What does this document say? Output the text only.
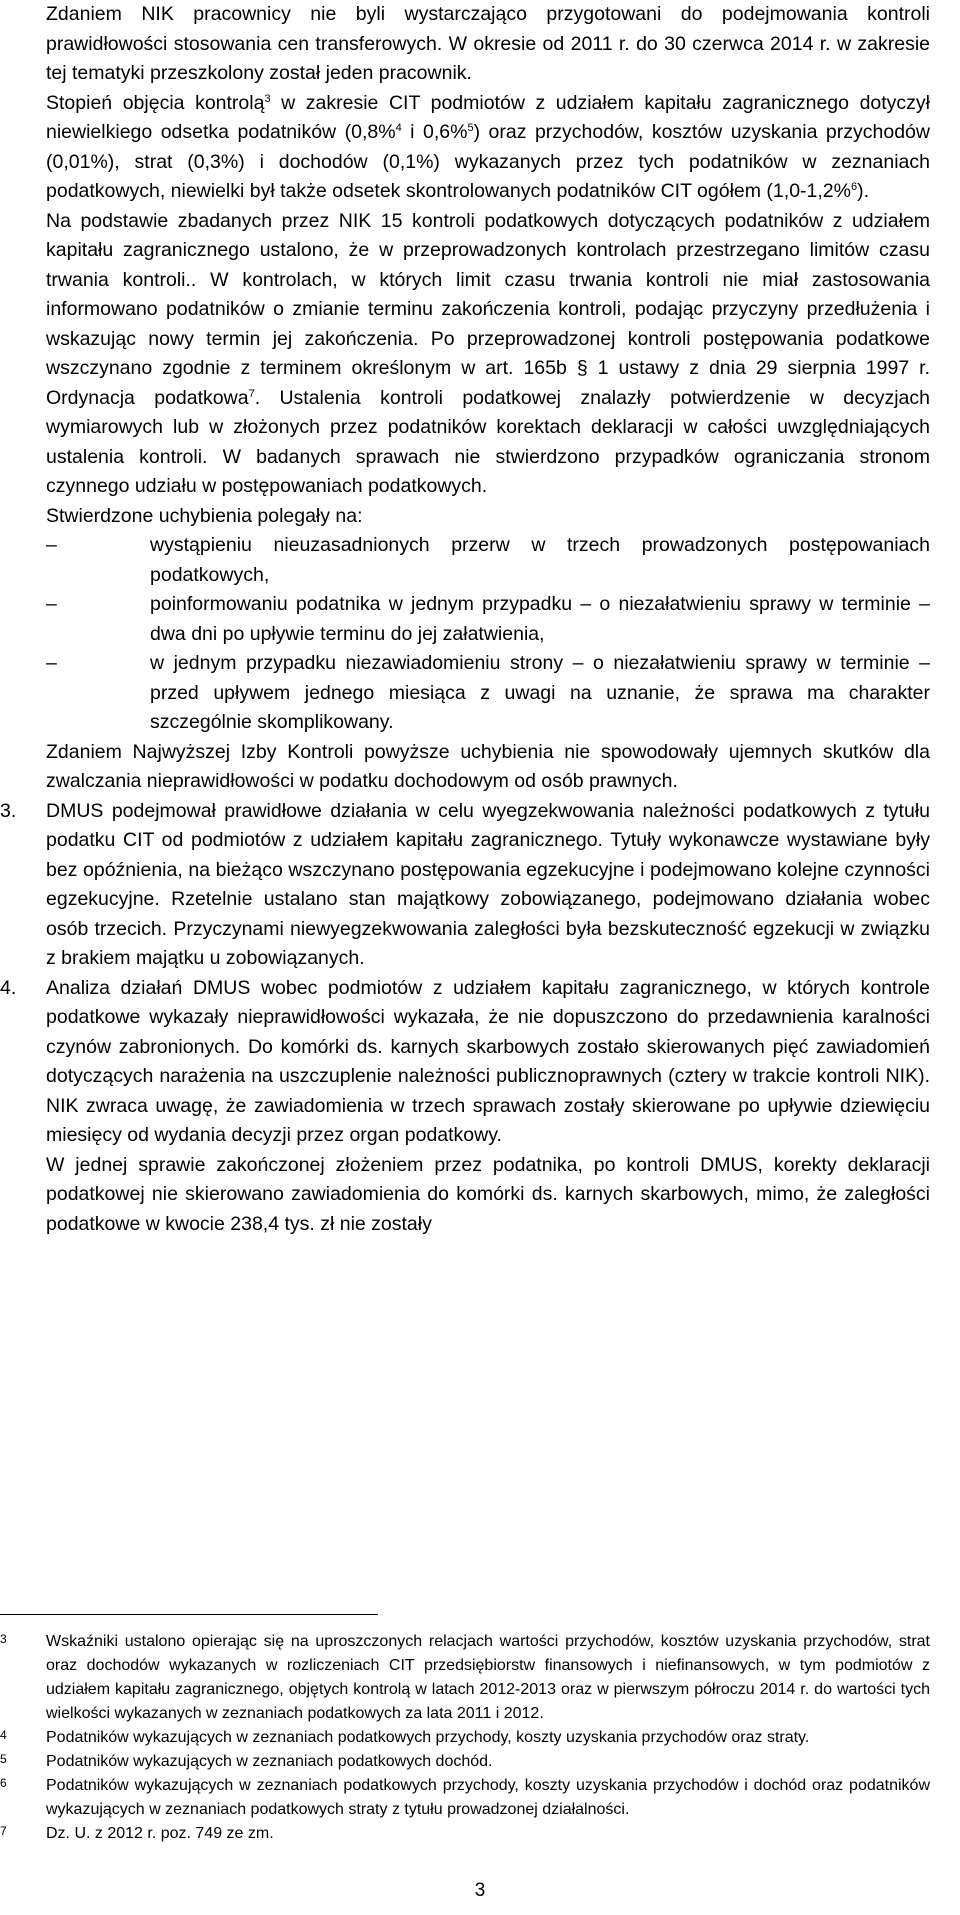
Zdaniem NIK pracownicy nie byli wystarczająco przygotowani do podejmowania kontroli prawidłowości stosowania cen transferowych. W okresie od 2011 r. do 30 czerwca 2014 r. w zakresie tej tematyki przeszkolony został jeden pracownik.

Stopień objęcia kontrolą$^3$ w zakresie CIT podmiotów z udziałem kapitału zagranicznego dotyczył niewielkiego odsetka podatników (0,8%$^4$ i 0,6%$^5$) oraz przychodów, kosztów uzyskania przychodów (0,01%), strat (0,3%) i dochodów (0,1%) wykazanych przez tych podatników w zeznaniach podatkowych, niewielki był także odsetek skontrolowanych podatników CIT ogółem (1,0-1,2%$^6$).

Na podstawie zbadanych przez NIK 15 kontroli podatkowych dotyczących podatników z udziałem kapitału zagranicznego ustalono, że w przeprowadzonych kontrolach przestrzegano limitów czasu trwania kontroli.. W kontrolach, w których limit czasu trwania kontroli nie miał zastosowania informowano podatników o zmianie terminu zakończenia kontroli, podając przyczyny przedłużenia i wskazując nowy termin jej zakończenia. Po przeprowadzonej kontroli postępowania podatkowe wszczynano zgodnie z terminem określonym w art. 165b § 1 ustawy z dnia 29 sierpnia 1997 r. Ordynacja podatkowa$^7$. Ustalenia kontroli podatkowej znalazły potwierdzenie w decyzjach wymiarowych lub w złożonych przez podatników korektach deklaracji w całości uwzględniających ustalenia kontroli. W badanych sprawach nie stwierdzono przypadków ograniczania stronom czynnego udziału w postępowaniach podatkowych.

Stwierdzone uchybienia polegały na:

–	wystąpieniu nieuzasadnionych przerw w trzech prowadzonych postępowaniach podatkowych,
–	poinformowaniu podatnika w jednym przypadku – o niezałatwieniu sprawy w terminie – dwa dni po upływie terminu do jej załatwienia,
–	w jednym przypadku niezawiadomieniu strony – o niezałatwieniu sprawy w terminie – przed upływem jednego miesiąca z uwagi na uznanie, że sprawa ma charakter szczególnie skomplikowany.

Zdaniem Najwyższej Izby Kontroli powyższe uchybienia nie spowodowały ujemnych skutków dla zwalczania nieprawidłowości w podatku dochodowym od osób prawnych.

3.	DMUS podejmował prawidłowe działania w celu wyegzekwowania należności podatkowych z tytułu podatku CIT od podmiotów z udziałem kapitału zagranicznego. Tytuły wykonawcze wystawiane były bez opóźnienia, na bieżąco wszczynano postępowania egzekucyjne i podejmowano kolejne czynności egzekucyjne. Rzetelnie ustalano stan majątkowy zobowiązanego, podejmowano działania wobec osób trzecich. Przyczynami niewyegzekwowania zaległości była bezskuteczność egzekucji w związku z brakiem majątku u zobowiązanych.
4.	Analiza działań DMUS wobec podmiotów z udziałem kapitału zagranicznego, w których kontrole podatkowe wykazały nieprawidłowości wykazała, że nie dopuszczono do przedawnienia karalności czynów zabronionych. Do komórki ds. karnych skarbowych zostało skierowanych pięć zawiadomień dotyczących narażenia na uszczuplenie należności publicznoprawnych (cztery w trakcie kontroli NIK). NIK zwraca uwagę, że zawiadomienia w trzech sprawach zostały skierowane po upływie dziewięciu miesięcy od wydania decyzji przez organ podatkowy.

W jednej sprawie zakończonej złożeniem przez podatnika, po kontroli DMUS, korekty deklaracji podatkowej nie skierowano zawiadomienia do komórki ds. karnych skarbowych, mimo, że zaległości podatkowe w kwocie 238,4 tys. zł nie zostały

3	Wskaźniki ustalono opierając się na uproszczonych relacjach wartości przychodów, kosztów uzyskania przychodów, strat oraz dochodów wykazanych w rozliczeniach CIT przedsiębiorstw finansowych i niefinansowych, w tym podmiotów z udziałem kapitału zagranicznego, objętych kontrolą w latach 2012-2013 oraz w pierwszym półroczu 2014 r. do wartości tych wielkości wykazanych w zeznaniach podatkowych za lata 2011 i 2012.
4	Podatników wykazujących w zeznaniach podatkowych przychody, koszty uzyskania przychodów oraz straty.
5	Podatników wykazujących w zeznaniach podatkowych dochód.
6	Podatników wykazujących w zeznaniach podatkowych przychody, koszty uzyskania przychodów i dochód oraz podatników wykazujących w zeznaniach podatkowych straty z tytułu prowadzonej działalności.
7	Dz. U. z 2012 r. poz. 749 ze zm.
3
